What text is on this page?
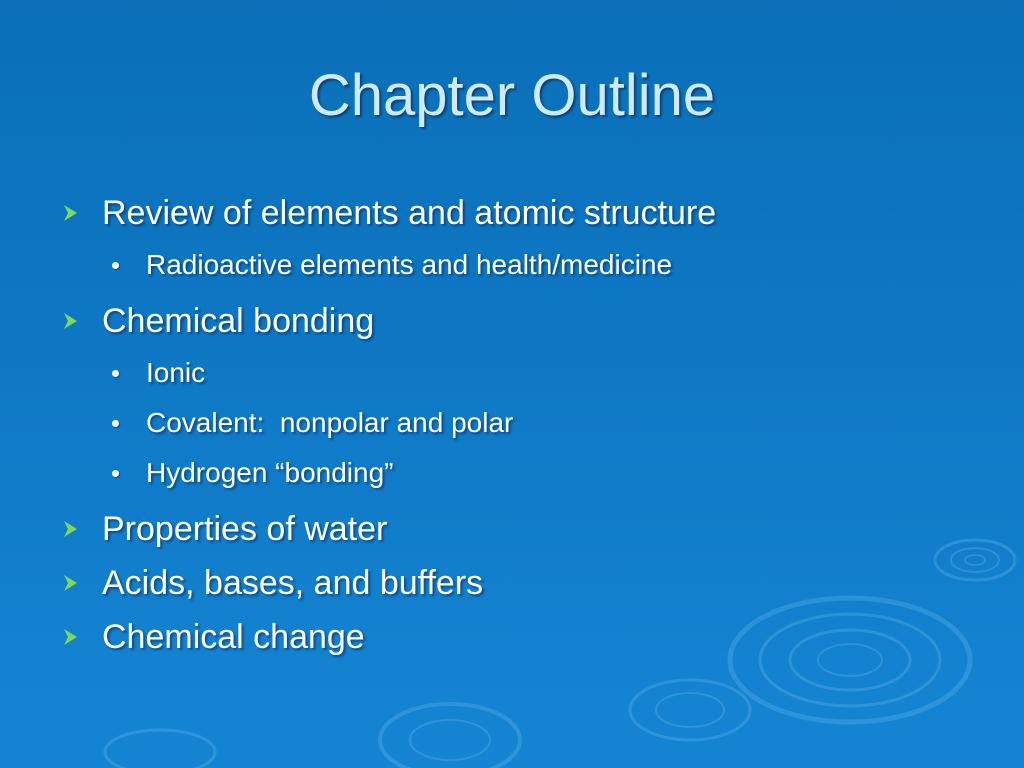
Chapter Outline
Review of elements and atomic structure
Radioactive elements and health/medicine
Chemical bonding
Ionic
Covalent:  nonpolar and polar
Hydrogen “bonding”
Properties of water
Acids, bases, and buffers
Chemical change
